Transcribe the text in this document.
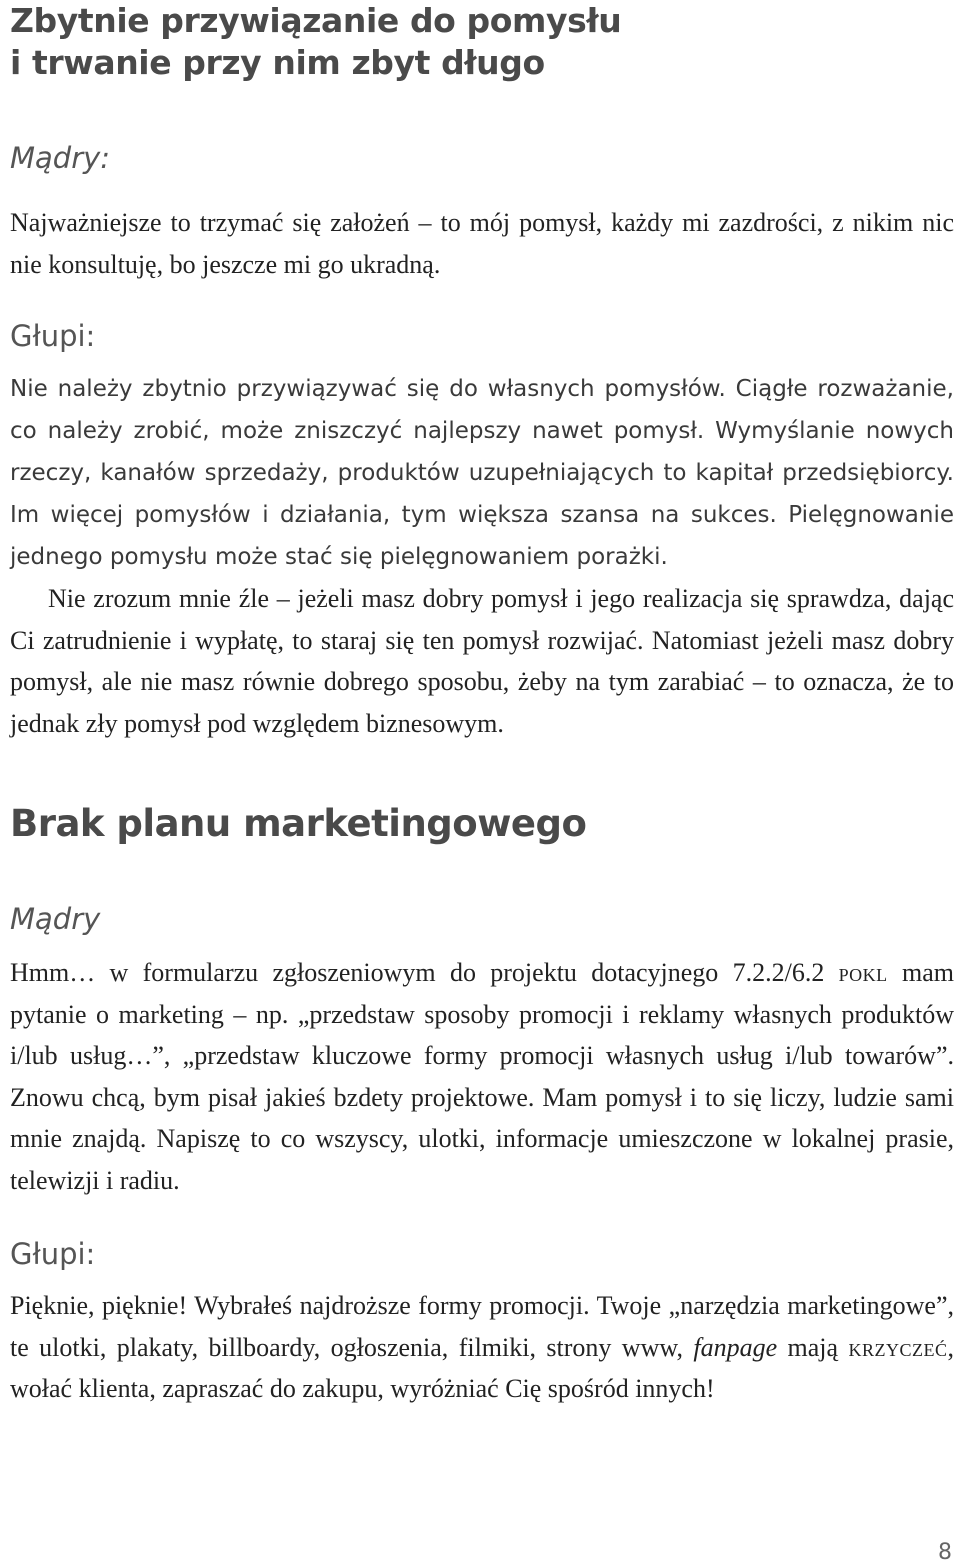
Zbytnie przywiązanie do pomysłu
i trwanie przy nim zbyt długo

Mądry:

Najważniejsze to trzymać się założeń – to mój pomysł, każdy mi zazdrości, z nikim nic nie konsultuję, bo jeszcze mi go ukradną.

Głupi:

Nie należy zbytnio przywiązywać się do własnych pomysłów. Ciągłe rozważanie, co należy zrobić, może zniszczyć najlepszy nawet pomysł. Wymyślanie nowych rzeczy, kanałów sprzedaży, produktów uzupełniających to kapitał przedsiębiorcy. Im więcej pomysłów i działania, tym większa szansa na sukces. Pielęgnowanie jednego pomysłu może stać się pielęgnowaniem porażki.

Nie zrozum mnie źle – jeżeli masz dobry pomysł i jego realizacja się sprawdza, dając Ci zatrudnienie i wypłatę, to staraj się ten pomysł rozwijać. Natomiast jeżeli masz dobry pomysł, ale nie masz równie dobrego sposobu, żeby na tym zarabiać – to oznacza, że to jednak zły pomysł pod względem biznesowym.

Brak planu marketingowego

Mądry

Hmm… w formularzu zgłoszeniowym do projektu dotacyjnego 7.2.2/6.2 pokl mam pytanie o marketing – np. „przedstaw sposoby promocji i reklamy własnych produktów i/lub usług…”, „przedstaw kluczowe formy promocji własnych usług i/lub towarów”. Znowu chcą, bym pisał jakieś bzdety projektowe. Mam pomysł i to się liczy, ludzie sami mnie znajdą. Napiszę to co wszyscy, ulotki, informacje umieszczone w lokalnej prasie, telewizji i radiu.

Głupi:

Pięknie, pięknie! Wybrałeś najdroższe formy promocji. Twoje „narzędzia marketingowe”, te ulotki, plakaty, billboardy, ogłoszenia, filmiki, strony www, fanpage mają krzyczeć, wołać klienta, zapraszać do zakupu, wyróżniać Cię spośród innych!

8
